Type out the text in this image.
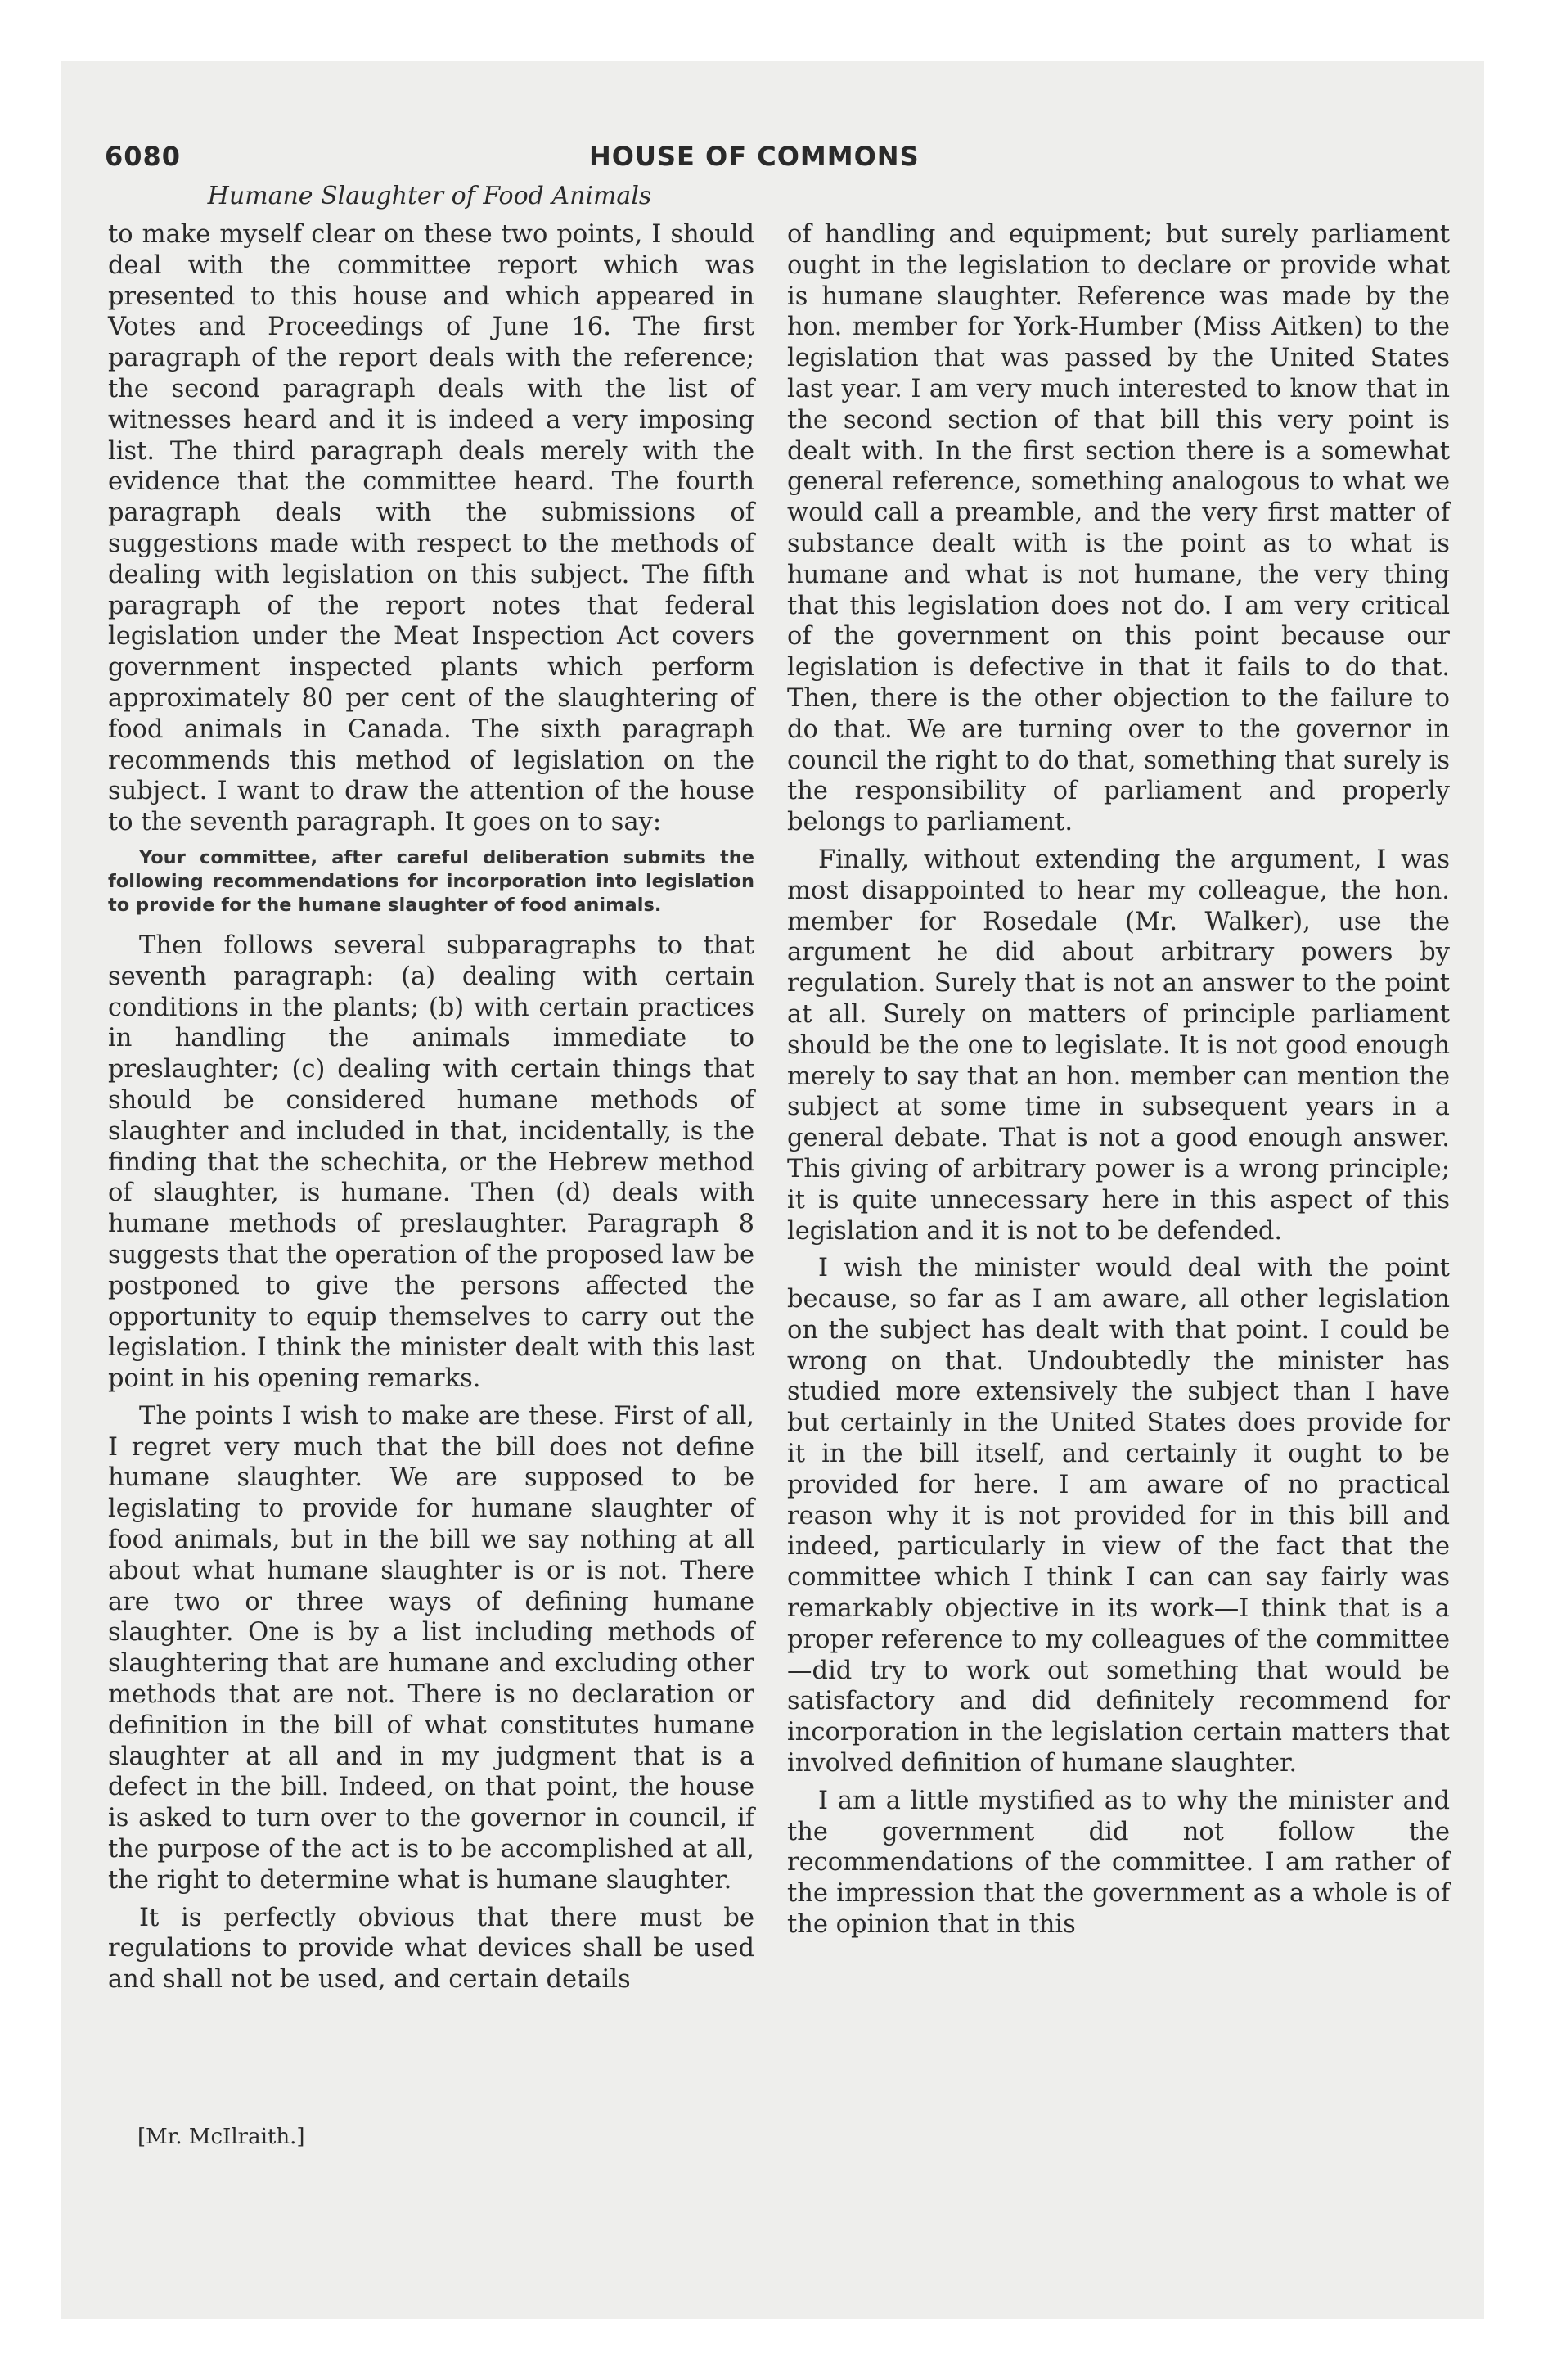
6080	HOUSE OF COMMONS
Humane Slaughter of Food Animals

to make myself clear on these two points, I should deal with the committee report which was presented to this house and which appeared in Votes and Proceedings of June 16. The first paragraph of the report deals with the reference; the second paragraph deals with the list of witnesses heard and it is indeed a very imposing list. The third paragraph deals merely with the evidence that the committee heard. The fourth paragraph deals with the submissions of suggestions made with respect to the methods of dealing with legislation on this subject. The fifth paragraph of the report notes that federal legislation under the Meat Inspection Act covers government inspected plants which perform approximately 80 per cent of the slaughtering of food animals in Canada. The sixth paragraph recommends this method of legislation on the subject. I want to draw the attention of the house to the seventh paragraph. It goes on to say:

Your committee, after careful deliberation submits the following recommendations for incorporation into legislation to provide for the humane slaughter of food animals.

Then follows several subparagraphs to that seventh paragraph: (a) dealing with certain conditions in the plants; (b) with certain practices in handling the animals immediate to preslaughter; (c) dealing with certain things that should be considered humane methods of slaughter and included in that, incidentally, is the finding that the schechita, or the Hebrew method of slaughter, is humane. Then (d) deals with humane methods of preslaughter. Paragraph 8 suggests that the operation of the proposed law be postponed to give the persons affected the opportunity to equip themselves to carry out the legislation. I think the minister dealt with this last point in his opening remarks.

The points I wish to make are these. First of all, I regret very much that the bill does not define humane slaughter. We are supposed to be legislating to provide for humane slaughter of food animals, but in the bill we say nothing at all about what humane slaughter is or is not. There are two or three ways of defining humane slaughter. One is by a list including methods of slaughtering that are humane and excluding other methods that are not. There is no declaration or definition in the bill of what constitutes humane slaughter at all and in my judgment that is a defect in the bill. Indeed, on that point, the house is asked to turn over to the governor in council, if the purpose of the act is to be accomplished at all, the right to determine what is humane slaughter.

It is perfectly obvious that there must be regulations to provide what devices shall be used and shall not be used, and certain details

of handling and equipment; but surely parliament ought in the legislation to declare or provide what is humane slaughter. Reference was made by the hon. member for York-Humber (Miss Aitken) to the legislation that was passed by the United States last year. I am very much interested to know that in the second section of that bill this very point is dealt with. In the first section there is a somewhat general reference, something analogous to what we would call a preamble, and the very first matter of substance dealt with is the point as to what is humane and what is not humane, the very thing that this legislation does not do. I am very critical of the government on this point because our legislation is defective in that it fails to do that. Then, there is the other objection to the failure to do that. We are turning over to the governor in council the right to do that, something that surely is the responsibility of parliament and properly belongs to parliament.

Finally, without extending the argument, I was most disappointed to hear my colleague, the hon. member for Rosedale (Mr. Walker), use the argument he did about arbitrary powers by regulation. Surely that is not an answer to the point at all. Surely on matters of principle parliament should be the one to legislate. It is not good enough merely to say that an hon. member can mention the subject at some time in subsequent years in a general debate. That is not a good enough answer. This giving of arbitrary power is a wrong principle; it is quite unnecessary here in this aspect of this legislation and it is not to be defended.

I wish the minister would deal with the point because, so far as I am aware, all other legislation on the subject has dealt with that point. I could be wrong on that. Undoubtedly the minister has studied more extensively the subject than I have but certainly in the United States does provide for it in the bill itself, and certainly it ought to be provided for here. I am aware of no practical reason why it is not provided for in this bill and indeed, particularly in view of the fact that the committee which I think I can can say fairly was remarkably objective in its work—I think that is a proper reference to my colleagues of the committee—did try to work out something that would be satisfactory and did definitely recommend for incorporation in the legislation certain matters that involved definition of humane slaughter.

I am a little mystified as to why the minister and the government did not follow the recommendations of the committee. I am rather of the impression that the government as a whole is of the opinion that in this

[Mr. McIlraith.]
